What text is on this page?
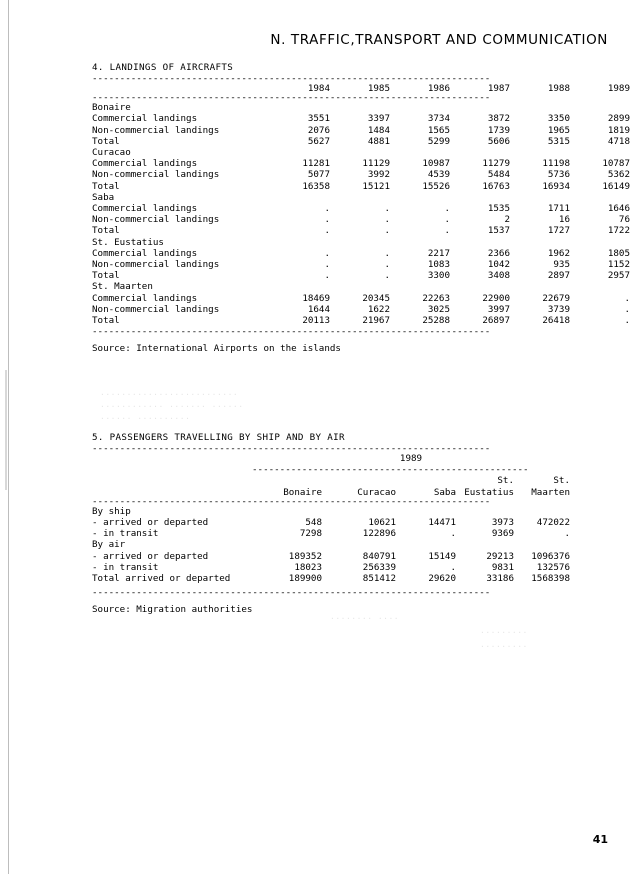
N. TRAFFIC,TRANSPORT AND COMMUNICATION
4. LANDINGS OF AIRCRAFTS
------------------------------------------------------------------------
	1984	1985	1986	1987	1988	1989
------------------------------------------------------------------------
Bonaire						
Commercial landings	3551	3397	3734	3872	3350	2899
Non-commercial landings	2076	1484	1565	1739	1965	1819
Total	5627	4881	5299	5606	5315	4718
Curacao						
Commercial landings	11281	11129	10987	11279	11198	10787
Non-commercial landings	5077	3992	4539	5484	5736	5362
Total	16358	15121	15526	16763	16934	16149
Saba						
Commercial landings	.	.	.	1535	1711	1646
Non-commercial landings	.	.	.	2	16	76
Total	.	.	.	1537	1727	1722
St. Eustatius						
Commercial landings	.	.	2217	2366	1962	1805
Non-commercial landings	.	.	1083	1042	935	1152
Total	.	.	3300	3408	2897	2957
St. Maarten						
Commercial landings	18469	20345	22263	22900	22679	.
Non-commercial landings	1644	1622	3025	3997	3739	.
Total	20113	21967	25288	26897	26418	.
------------------------------------------------------------------------
Source: International Airports on the islands
..........................
............ ....... ......
...... ..........
........ ....
.........
.........
5. PASSENGERS TRAVELLING BY SHIP AND BY AIR
------------------------------------------------------------------------
	1989
	--------------------------------------------------
				St.	St.
	Bonaire	Curacao	Saba	Eustatius	Maarten
------------------------------------------------------------------------
By ship					
- arrived or departed	548	10621	14471	3973	472022
- in transit	7298	122896	.	9369	.
By air					
- arrived or departed	189352	840791	15149	29213	1096376
- in transit	18023	256339	.	9831	132576
Total arrived or departed	189900	851412	29620	33186	1568398
------------------------------------------------------------------------
Source: Migration authorities
41
